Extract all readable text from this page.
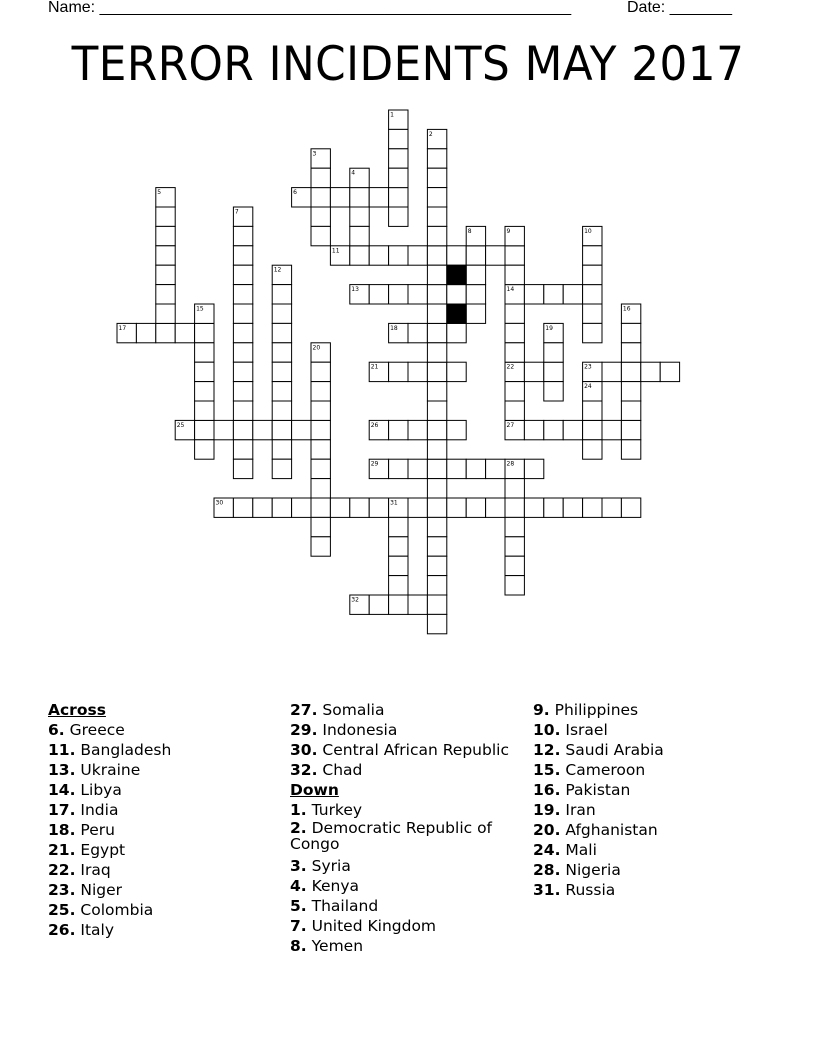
Name: _____________________________________________________	Date: _______
TERROR INCIDENTS MAY 2017
6
11
13	14
17	18
21	22	23
25	26	27
29
30
32
1
2
3
4
5
7
8	9	10
12
15	16
19
20
24
28
31
Across
6. Greece
11. Bangladesh
13. Ukraine
14. Libya
17. India
18. Peru
21. Egypt
22. Iraq
23. Niger
25. Colombia
26. Italy
27. Somalia
29. Indonesia
30. Central African Republic
32. Chad
Down
1. Turkey
2. Democratic Republic of Congo
3. Syria
4. Kenya
5. Thailand
7. United Kingdom
8. Yemen
9. Philippines
10. Israel
12. Saudi Arabia
15. Cameroon
16. Pakistan
19. Iran
20. Afghanistan
24. Mali
28. Nigeria
31. Russia
